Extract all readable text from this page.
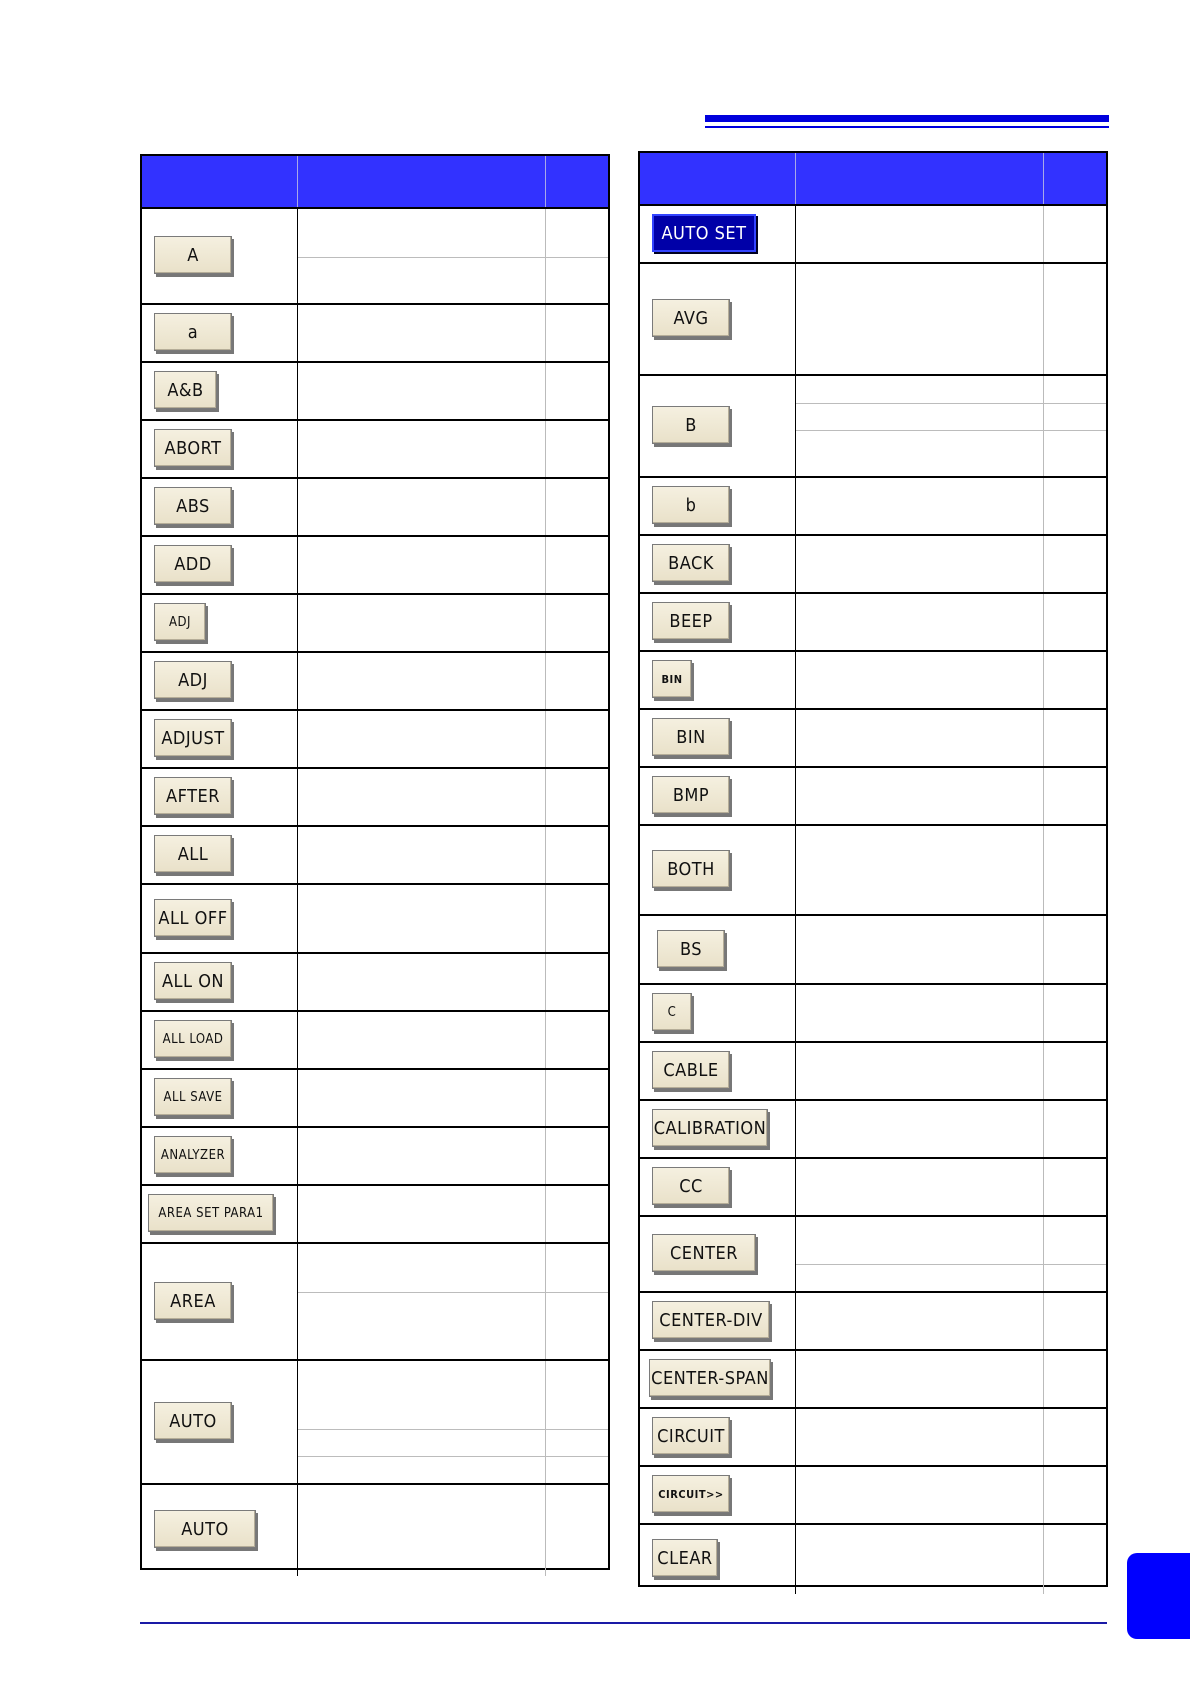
A
a
A&B
ABORT
ABS
ADD
ADJ
ADJ
ADJUST
AFTER
ALL
ALL OFF
ALL ON
ALL LOAD
ALL SAVE
ANALYZER
AREA SET PARA1
AREA
AUTO
AUTO
AUTO SET
AVG
B
b
BACK
BEEP
BIN
BIN
BMP
BOTH
BS
C
CABLE
CALIBRATION
CC
CENTER
CENTER-DIV
CENTER-SPAN
CIRCUIT
CIRCUIT>>
CLEAR
